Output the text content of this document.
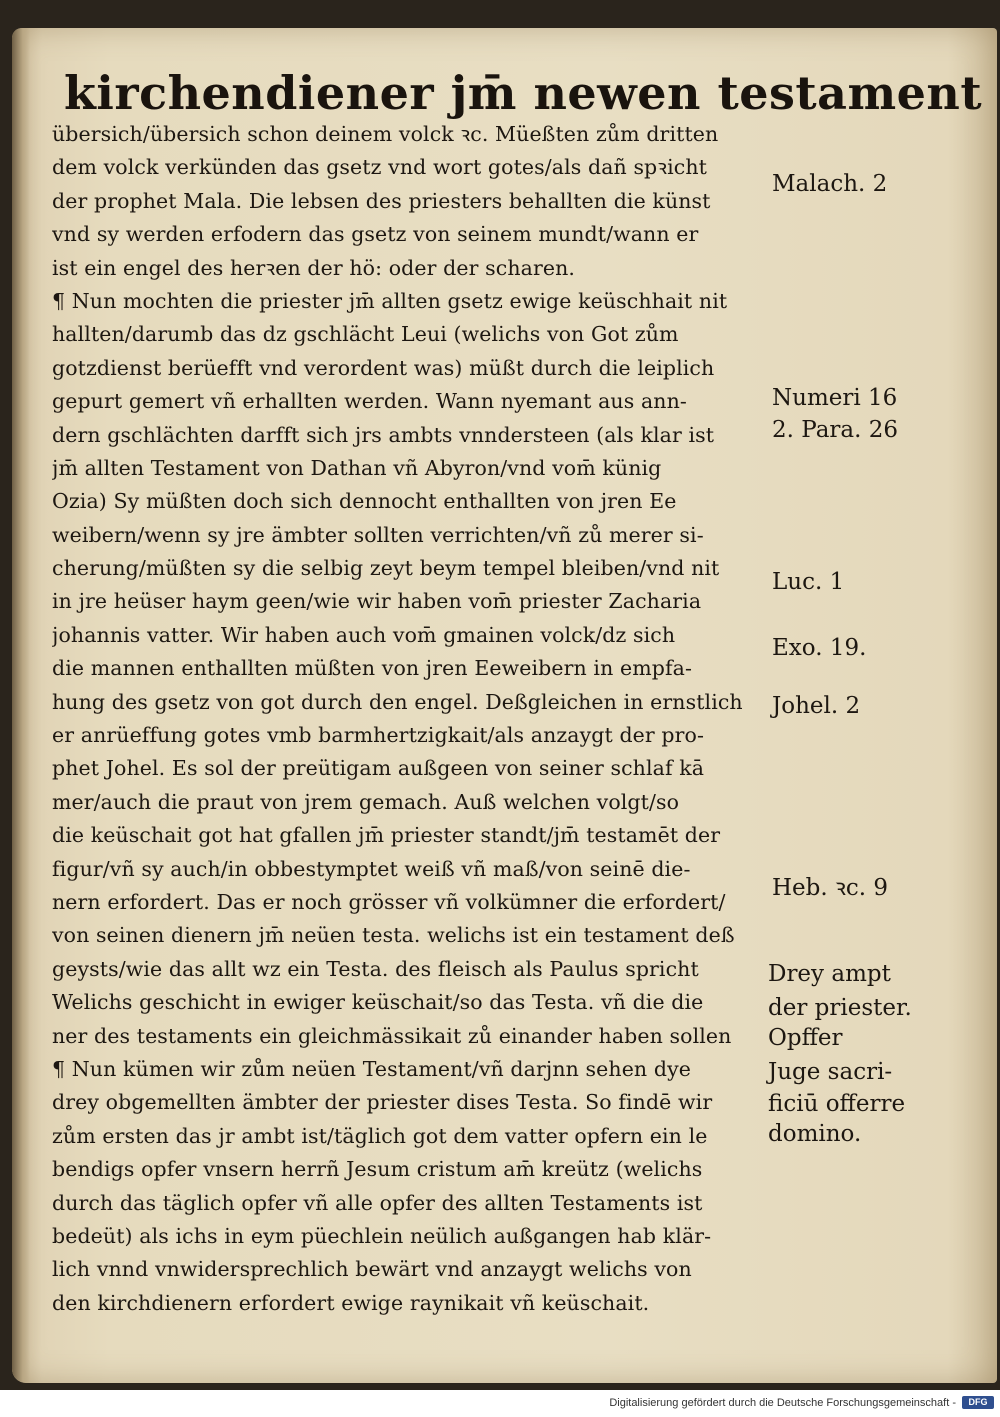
kirchendiener jm̄ newen testament
übersich/übersich schon deinem volck ꝛc. Müeßten zům dritten
dem volck verkünden das gsetz vnd wort gotes/als dañ spꝛicht
der prophet Mala. Die lebsen des priesters behallten die künst
vnd sy werden erfodern das gsetz von seinem mundt/wann er
ist ein engel des herꝛen der hö: oder der scharen.
¶ Nun mochten die priester jm̄ allten gsetz ewige keüschhait nit
hallten/darumb das dz gschlächt Leui (welichs von Got zům
gotzdienst berüefft vnd verordent was) müßt durch die leiplich
gepurt gemert vñ erhallten werden. Wann nyemant aus ann-
dern gschlächten darfft sich jrs ambts vnndersteen (als klar ist
jm̄ allten Testament von Dathan vñ Abyron/vnd vom̄ künig
Ozia) Sy müßten doch sich dennocht enthallten von jren Ee
weibern/wenn sy jre ämbter sollten verrichten/vñ zů merer si-
cherung/müßten sy die selbig zeyt beym tempel bleiben/vnd nit
in jre heüser haym geen/wie wir haben vom̄ priester Zacharia
johannis vatter. Wir haben auch vom̄ gmainen volck/dz sich
die mannen enthallten müßten von jren Eeweibern in empfa-
hung des gsetz von got durch den engel. Deßgleichen in ernstlich
er anrüeffung gotes vmb barmhertzigkait/als anzaygt der pro-
phet Johel. Es sol der preütigam außgeen von seiner schlaf kā
mer/auch die praut von jrem gemach. Auß welchen volgt/so
die keüschait got hat gfallen jm̄ priester standt/jm̄ testamēt der
figur/vñ sy auch/in obbestymptet weiß vñ maß/von seinē die-
nern erfordert. Das er noch grösser vñ volkümner die erfordert/
von seinen dienern jm̄ neüen testa. welichs ist ein testament deß
geysts/wie das allt wz ein Testa. des fleisch als Paulus spricht
Welichs geschicht in ewiger keüschait/so das Testa. vñ die die
ner des testaments ein gleichmässikait zů einander haben sollen
¶ Nun kümen wir zům neüen Testament/vñ darjnn sehen dye
drey obgemellten ämbter der priester dises Testa. So findē wir
zům ersten das jr ambt ist/täglich got dem vatter opfern ein le
bendigs opfer vnsern herrñ Jesum cristum am̄ kreütz (welichs
durch das täglich opfer vñ alle opfer des allten Testaments ist
bedeüt) als ichs in eym püechlein neülich außgangen hab klär-
lich vnnd vnwidersprechlich bewärt vnd anzaygt welichs von
den kirchdienern erfordert ewige raynikait vñ keüschait.
Malach. 2
Numeri 16
2. Para. 26
Luc. 1
Exo. 19.
Johel. 2
Heb. ꝛc. 9
Drey ampt
der priester.
Opffer
Juge sacri-
ficiū offerre
domino.
Digitalisierung gefördert durch die Deutsche Forschungsgemeinschaft -	DFG
